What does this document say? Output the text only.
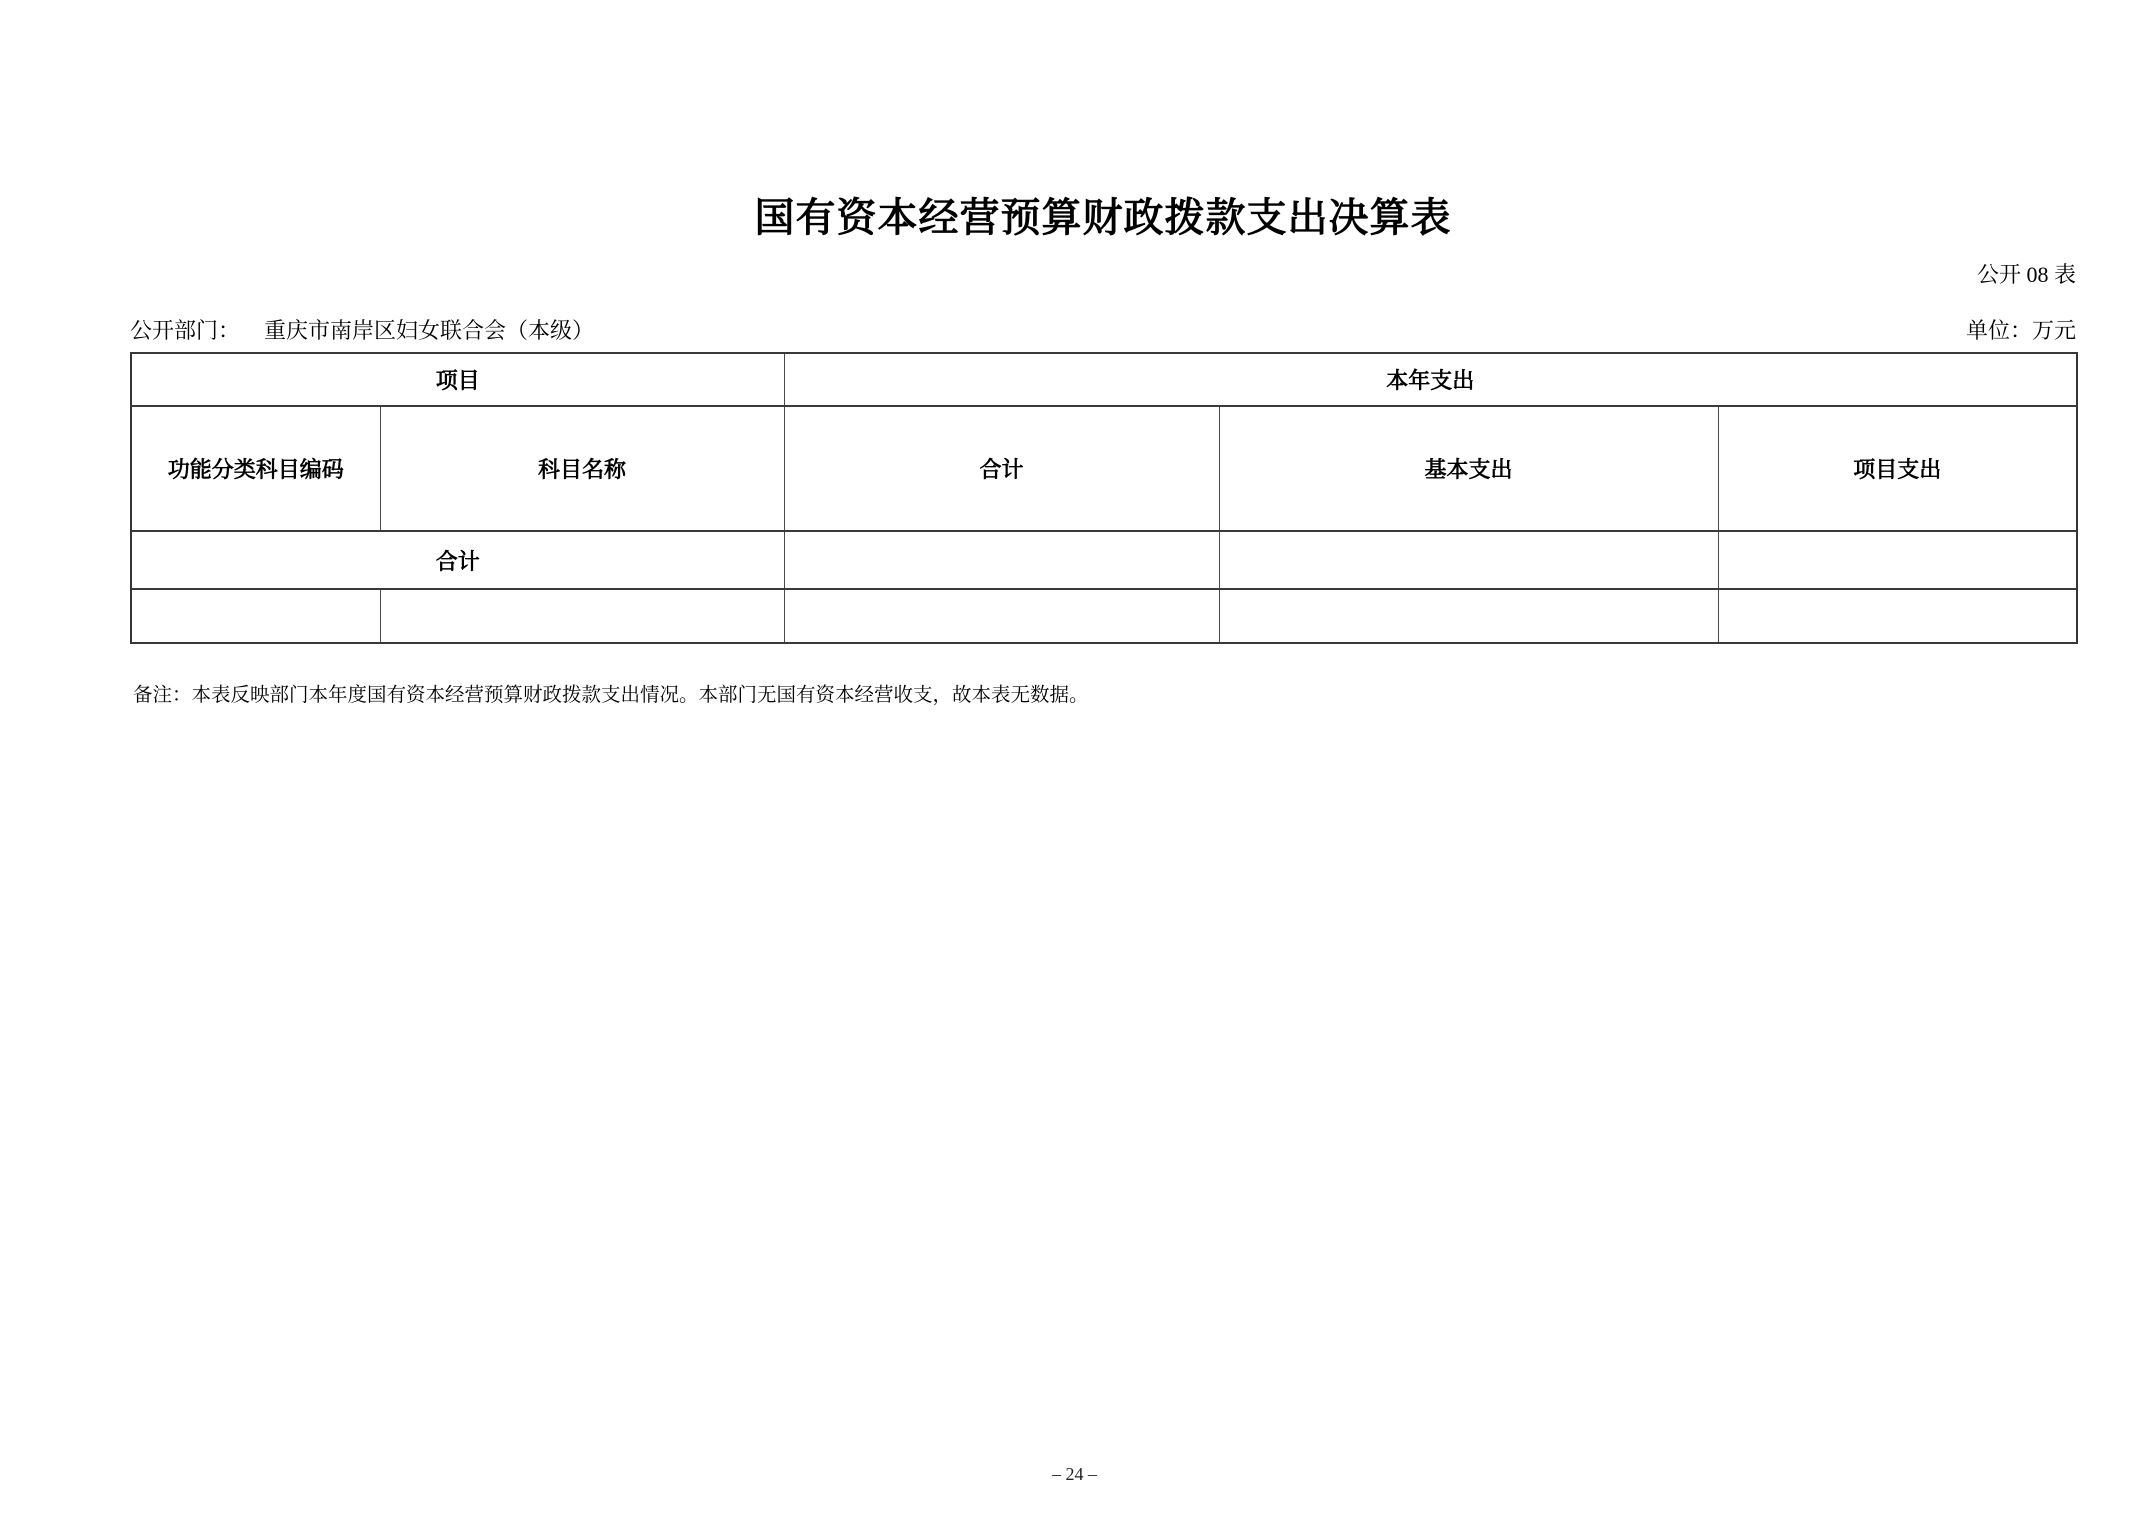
国有资本经营预算财政拨款支出决算表
公开 08 表
公开部门： 重庆市南岸区妇女联合会（本级）	单位：万元
项目		本年支出		
功能分类科目编码	科目名称	合计	基本支出	项目支出
合计				

备注：本表反映部门本年度国有资本经营预算财政拨款支出情况。本部门无国有资本经营收支，故本表无数据。
– 24 –
